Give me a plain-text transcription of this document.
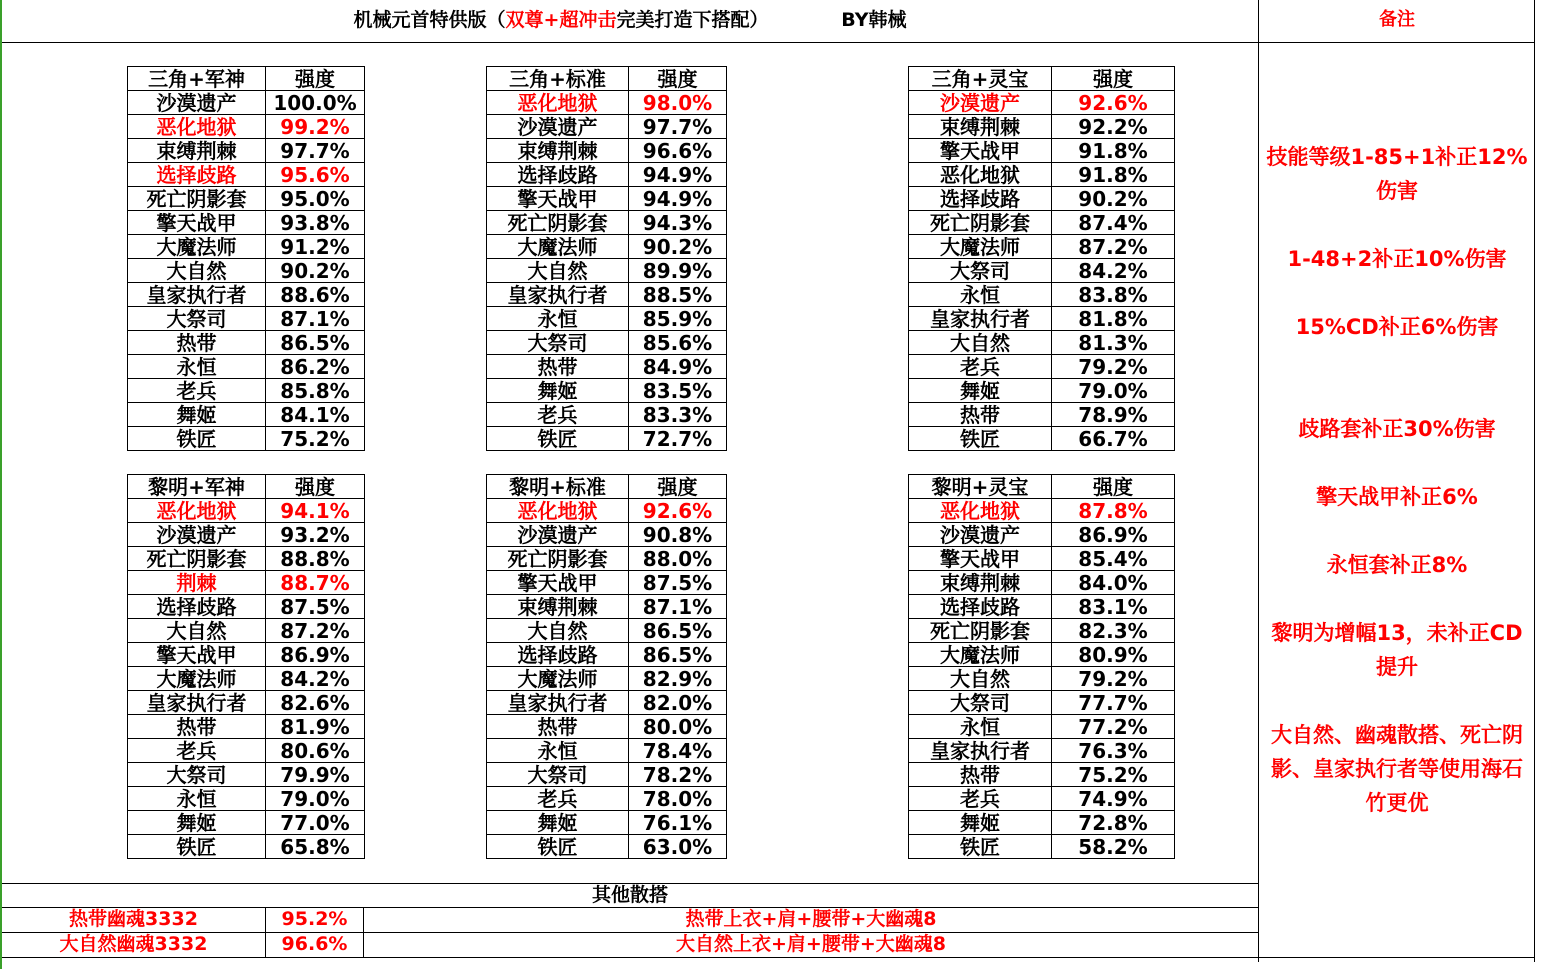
机械元首特供版（双尊+超冲击完美打造下搭配）	BY韩械	备注
三角+军神	强度
沙漠遗产	100.0%
恶化地狱	99.2%
束缚荆棘	97.7%
选择歧路	95.6%
死亡阴影套	95.0%
擎天战甲	93.8%
大魔法师	91.2%
大自然	90.2%
皇家执行者	88.6%
大祭司	87.1%
热带	86.5%
永恒	86.2%
老兵	85.8%
舞姬	84.1%
铁匠	75.2%
三角+标准	强度
恶化地狱	98.0%
沙漠遗产	97.7%
束缚荆棘	96.6%
选择歧路	94.9%
擎天战甲	94.9%
死亡阴影套	94.3%
大魔法师	90.2%
大自然	89.9%
皇家执行者	88.5%
永恒	85.9%
大祭司	85.6%
热带	84.9%
舞姬	83.5%
老兵	83.3%
铁匠	72.7%
三角+灵宝	强度
沙漠遗产	92.6%
束缚荆棘	92.2%
擎天战甲	91.8%
恶化地狱	91.8%
选择歧路	90.2%
死亡阴影套	87.4%
大魔法师	87.2%
大祭司	84.2%
永恒	83.8%
皇家执行者	81.8%
大自然	81.3%
老兵	79.2%
舞姬	79.0%
热带	78.9%
铁匠	66.7%
黎明+军神	强度
恶化地狱	94.1%
沙漠遗产	93.2%
死亡阴影套	88.8%
荆棘	88.7%
选择歧路	87.5%
大自然	87.2%
擎天战甲	86.9%
大魔法师	84.2%
皇家执行者	82.6%
热带	81.9%
老兵	80.6%
大祭司	79.9%
永恒	79.0%
舞姬	77.0%
铁匠	65.8%
黎明+标准	强度
恶化地狱	92.6%
沙漠遗产	90.8%
死亡阴影套	88.0%
擎天战甲	87.5%
束缚荆棘	87.1%
大自然	86.5%
选择歧路	86.5%
大魔法师	82.9%
皇家执行者	82.0%
热带	80.0%
永恒	78.4%
大祭司	78.2%
老兵	78.0%
舞姬	76.1%
铁匠	63.0%
黎明+灵宝	强度
恶化地狱	87.8%
沙漠遗产	86.9%
擎天战甲	85.4%
束缚荆棘	84.0%
选择歧路	83.1%
死亡阴影套	82.3%
大魔法师	80.9%
大自然	79.2%
大祭司	77.7%
永恒	77.2%
皇家执行者	76.3%
热带	75.2%
老兵	74.9%
舞姬	72.8%
铁匠	58.2%

技能等级1-85+1补正12%伤害

1-48+2补正10%伤害

15%CD补正6%伤害

歧路套补正30%伤害

擎天战甲补正6%

永恒套补正8%

黎明为增幅13，未补正CD提升

大自然、幽魂散搭、死亡阴影、皇家执行者等使用海石竹更优

其他散搭
热带幽魂3332	95.2%	热带上衣+肩+腰带+大幽魂8
大自然幽魂3332	96.6%	大自然上衣+肩+腰带+大幽魂8
